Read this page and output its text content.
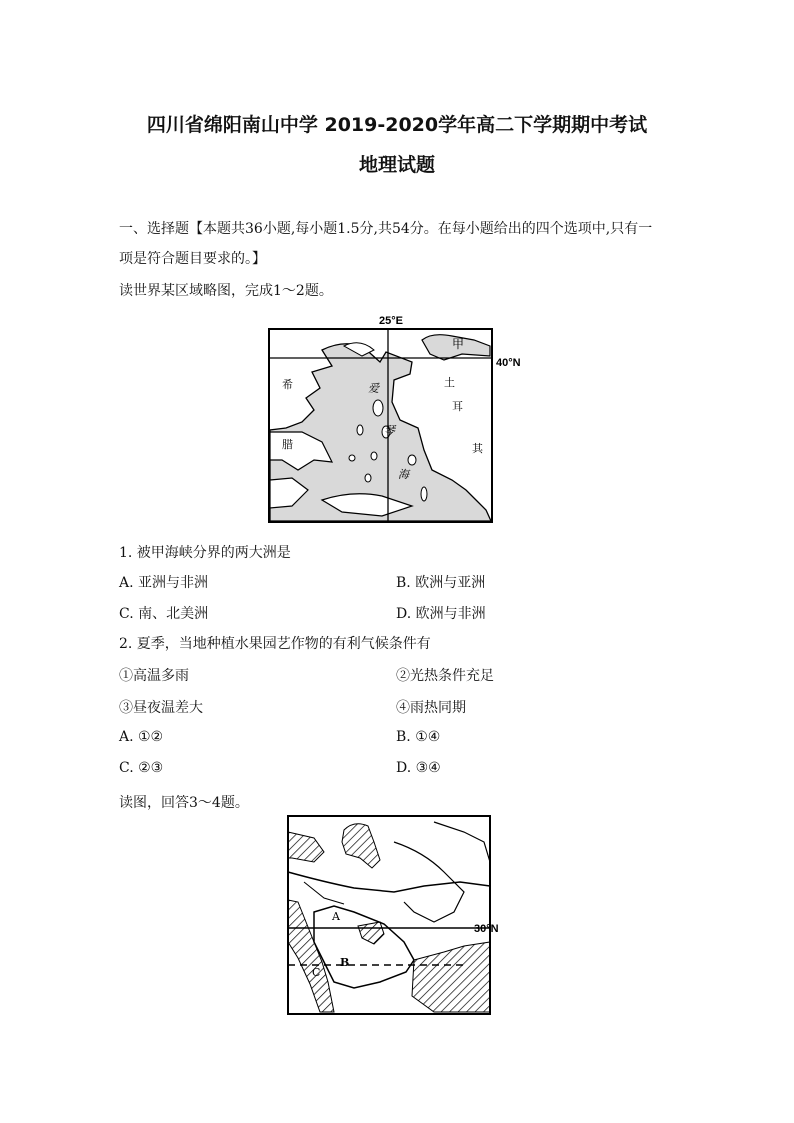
四川省绵阳南山中学 2019-2020学年高二下学期期中考试
地理试题
一、选择题【本题共36小题,每小题1.5分,共54分。在每小题给出的四个选项中,只有一
项是符合题目要求的。】
读世界某区域略图，完成1～2题。
25°E
40°N
甲
希
腊
爱
琴
海
土
耳
其
1. 被甲海峡分界的两大洲是
A. 亚洲与非洲	B. 欧洲与亚洲
C. 南、北美洲	D. 欧洲与非洲
2. 夏季，当地种植水果园艺作物的有利气候条件有
①高温多雨	②光热条件充足
③昼夜温差大	④雨热同期
A. ①②	B. ①④
C. ②③	D. ③④
读图，回答3～4题。
30°N
A
B
C
